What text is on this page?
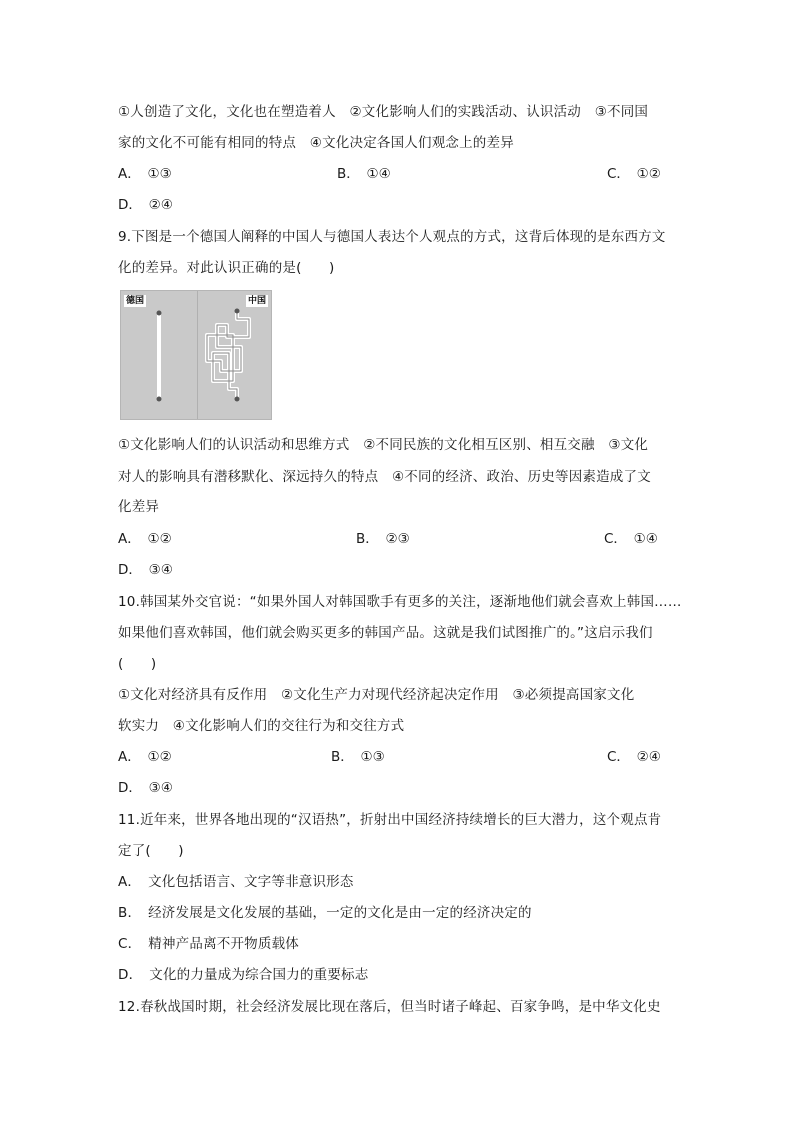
①人创造了文化，文化也在塑造着人　②文化影响人们的实践活动、认识活动　③不同国
家的文化不可能有相同的特点　④文化决定各国人们观念上的差异
A．　①③	B．　①④	C．　①②
D．　②④
9.下图是一个德国人阐释的中国人与德国人表达个人观点的方式，这背后体现的是东西方文
化的差异。对此认识正确的是(　　)
德国	中国
①文化影响人们的认识活动和思维方式　②不同民族的文化相互区别、相互交融　③文化
对人的影响具有潜移默化、深远持久的特点　④不同的经济、政治、历史等因素造成了文
化差异
A．　①②	B．　②③	C．　①④
D．　③④
10.韩国某外交官说：“如果外国人对韩国歌手有更多的关注，逐渐地他们就会喜欢上韩国……
如果他们喜欢韩国，他们就会购买更多的韩国产品。这就是我们试图推广的。”这启示我们
(　　)
①文化对经济具有反作用　②文化生产力对现代经济起决定作用　③必须提高国家文化
软实力　④文化影响人们的交往行为和交往方式
A．　①②	B．　①③	C．　②④
D．　③④
11.近年来，世界各地出现的“汉语热”，折射出中国经济持续增长的巨大潜力，这个观点肯
定了(　　)
A．　文化包括语言、文字等非意识形态
B．　经济发展是文化发展的基础，一定的文化是由一定的经济决定的
C．　精神产品离不开物质载体
D．　文化的力量成为综合国力的重要标志
12.春秋战国时期，社会经济发展比现在落后，但当时诸子峰起、百家争鸣，是中华文化史
